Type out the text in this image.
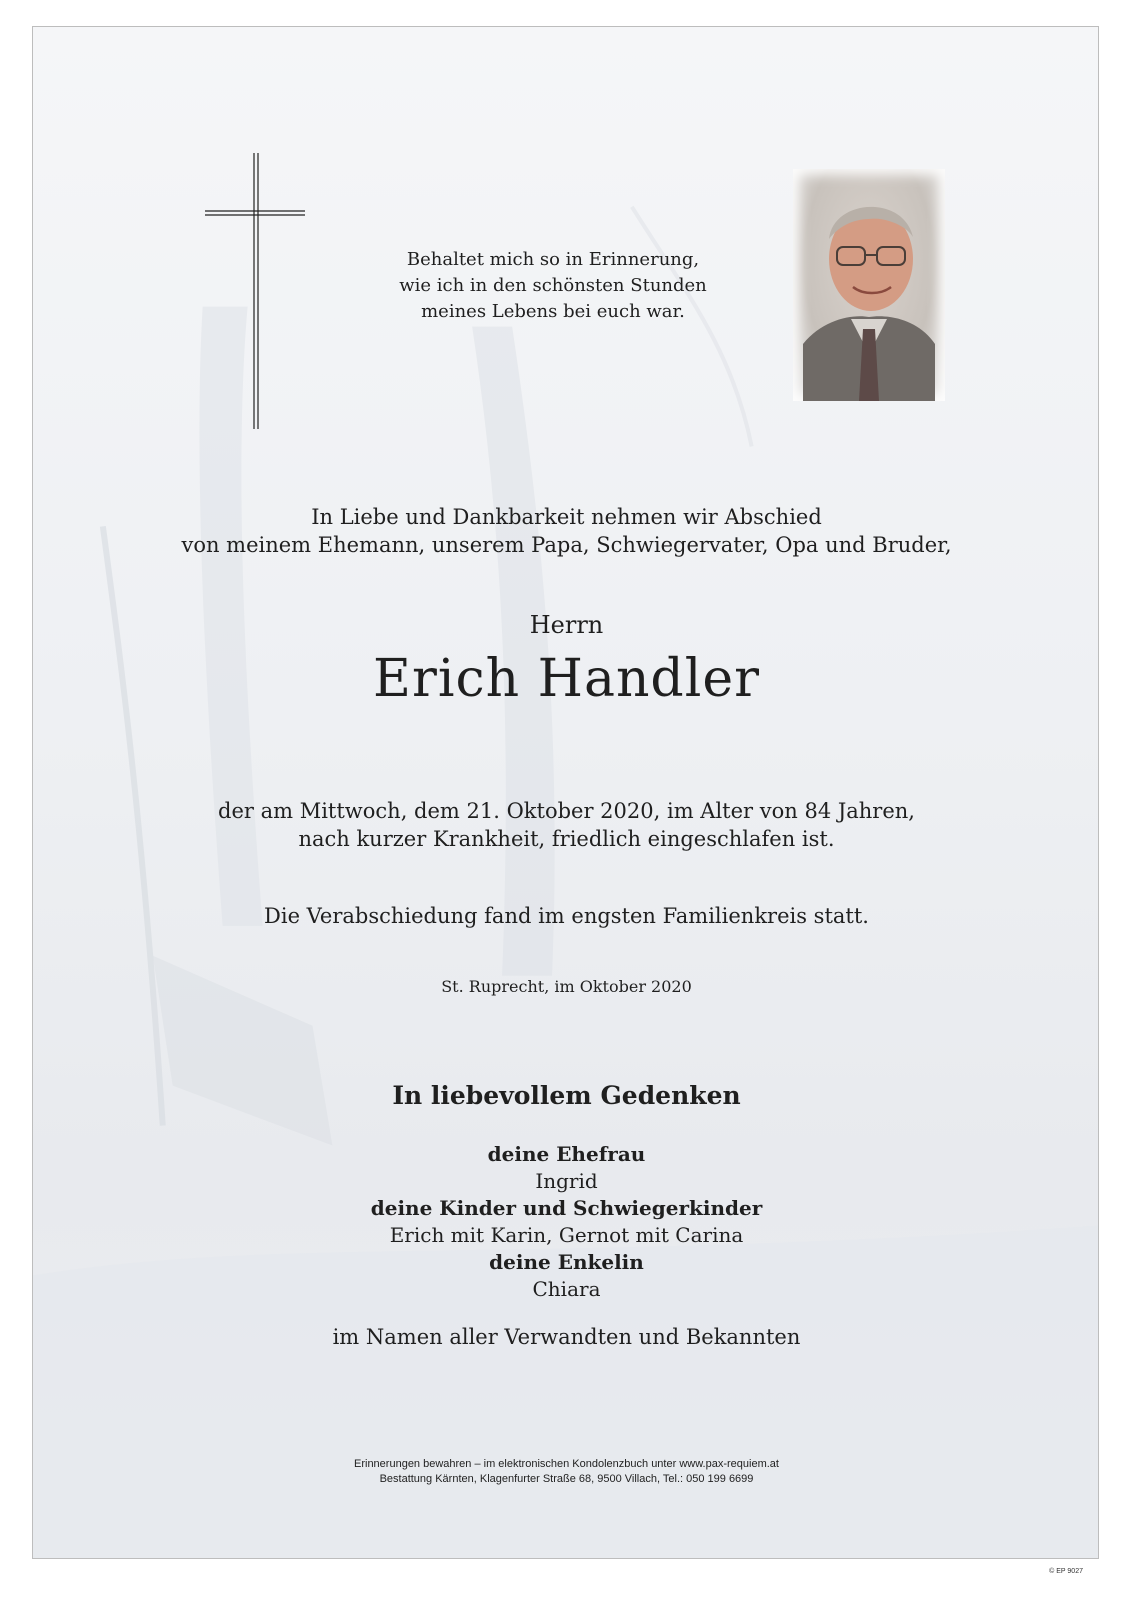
Behaltet mich so in Erinnerung,
wie ich in den schönsten Stunden
meines Lebens bei euch war.
In Liebe und Dankbarkeit nehmen wir Abschied
von meinem Ehemann, unserem Papa, Schwiegervater, Opa und Bruder,
Herrn
Erich Handler
der am Mittwoch, dem 21. Oktober 2020, im Alter von 84 Jahren,
nach kurzer Krankheit, friedlich eingeschlafen ist.
Die Verabschiedung fand im engsten Familienkreis statt.
St. Ruprecht, im Oktober 2020
In liebevollem Gedenken
deine Ehefrau
Ingrid
deine Kinder und Schwiegerkinder
Erich mit Karin, Gernot mit Carina
deine Enkelin
Chiara
im Namen aller Verwandten und Bekannten
Erinnerungen bewahren – im elektronischen Kondolenzbuch unter www.pax-requiem.at
Bestattung Kärnten, Klagenfurter Straße 68, 9500 Villach, Tel.: 050 199 6699
© EP 9027
